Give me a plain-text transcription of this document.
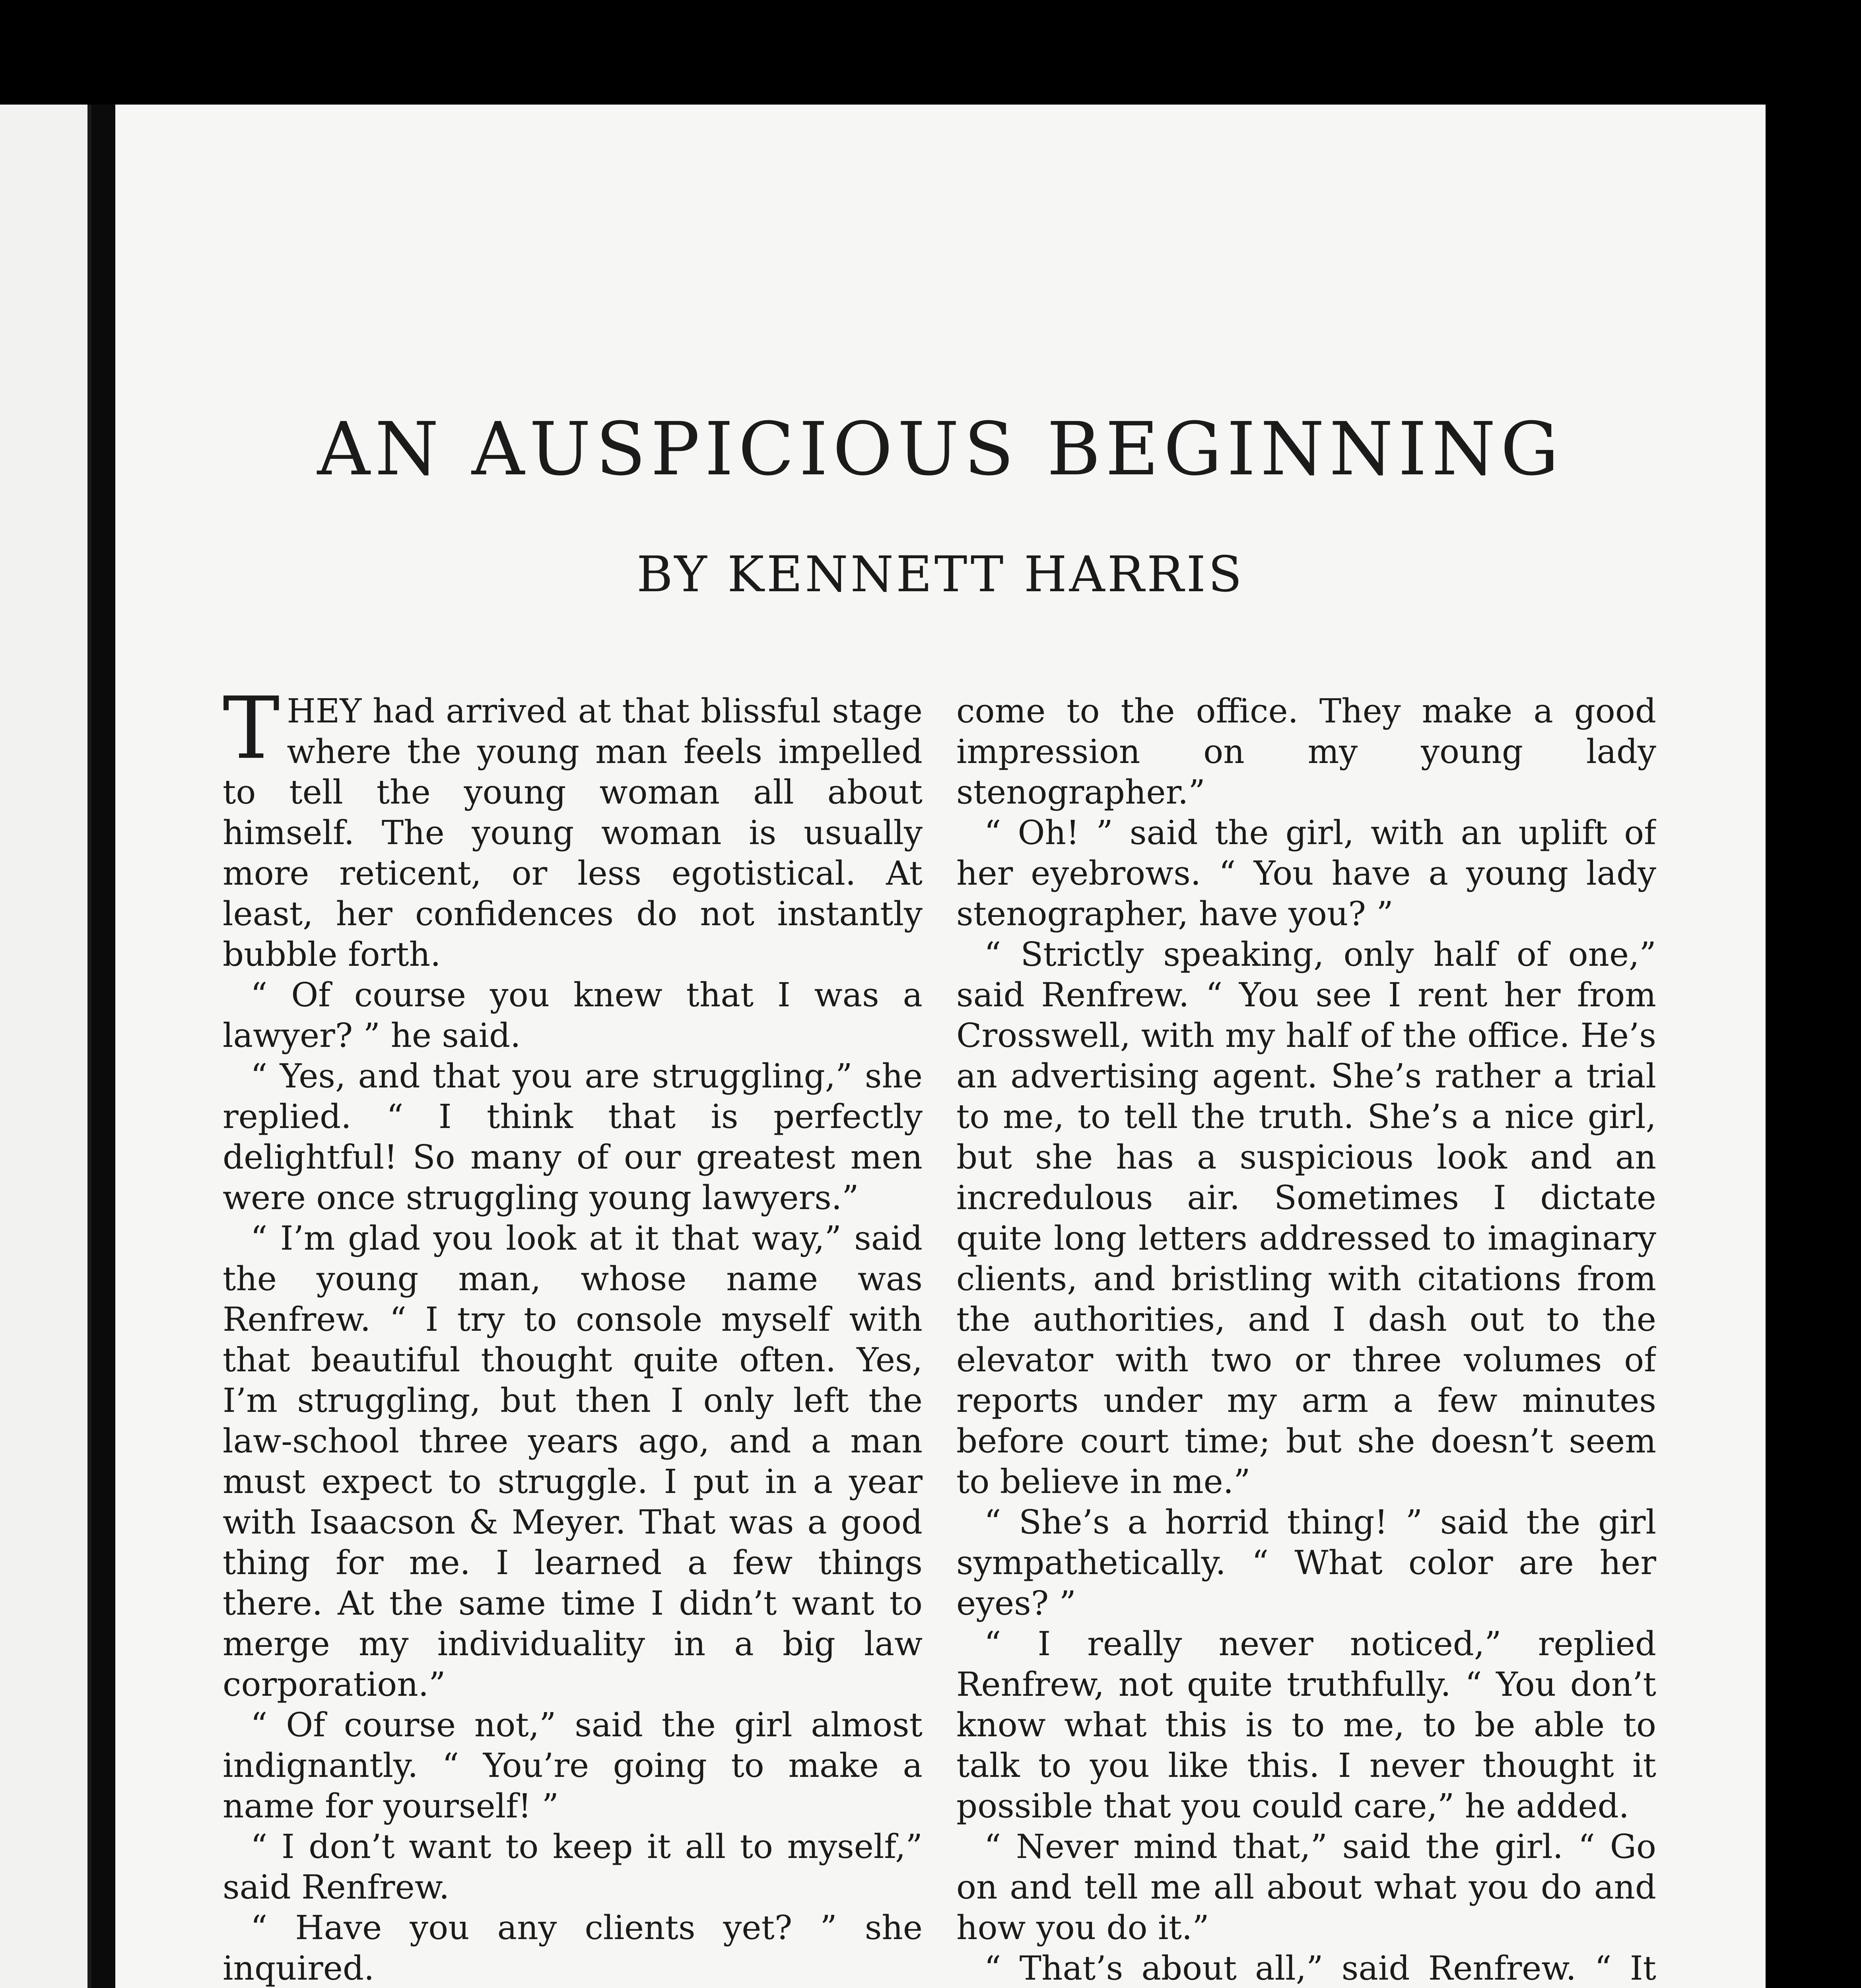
AN AUSPICIOUS BEGINNING
BY KENNETT HARRIS

THEY had arrived at that blissful stage where the young man feels impelled to tell the young woman all about himself. The young woman is usually more reticent, or less egotistical. At least, her confidences do not instantly bubble forth.

“ Of course you knew that I was a lawyer? ” he said.

“ Yes, and that you are struggling,” she replied. “ I think that is perfectly delightful! So many of our greatest men were once struggling young lawyers.”

“ I’m glad you look at it that way,” said the young man, whose name was Renfrew. “ I try to console myself with that beautiful thought quite often. Yes, I’m struggling, but then I only left the law-school three years ago, and a man must expect to struggle. I put in a year with Isaacson & Meyer. That was a good thing for me. I learned a few things there. At the same time I didn’t want to merge my individuality in a big law corporation.”

“ Of course not,” said the girl almost indignantly. “ You’re going to make a name for yourself! ”

“ I don’t want to keep it all to myself,” said Renfrew.

“ Have you any clients yet? ” she inquired.

come to the office. They make a good impression on my young lady stenographer.”

“ Oh! ” said the girl, with an uplift of her eyebrows. “ You have a young lady stenographer, have you? ”

“ Strictly speaking, only half of one,” said Renfrew. “ You see I rent her from Crosswell, with my half of the office. He’s an advertising agent. She’s rather a trial to me, to tell the truth. She’s a nice girl, but she has a suspicious look and an incredulous air. Sometimes I dictate quite long letters addressed to imaginary clients, and bristling with citations from the authorities, and I dash out to the elevator with two or three volumes of reports under my arm a few minutes before court time; but she doesn’t seem to believe in me.”

“ She’s a horrid thing! ” said the girl sympathetically. “ What color are her eyes? ”

“ I really never noticed,” replied Renfrew, not quite truthfully. “ You don’t know what this is to me, to be able to talk to you like this. I never thought it possible that you could care,” he added.

“ Never mind that,” said the girl. “ Go on and tell me all about what you do and how you do it.”

“ That’s about all,” said Renfrew. “ It
